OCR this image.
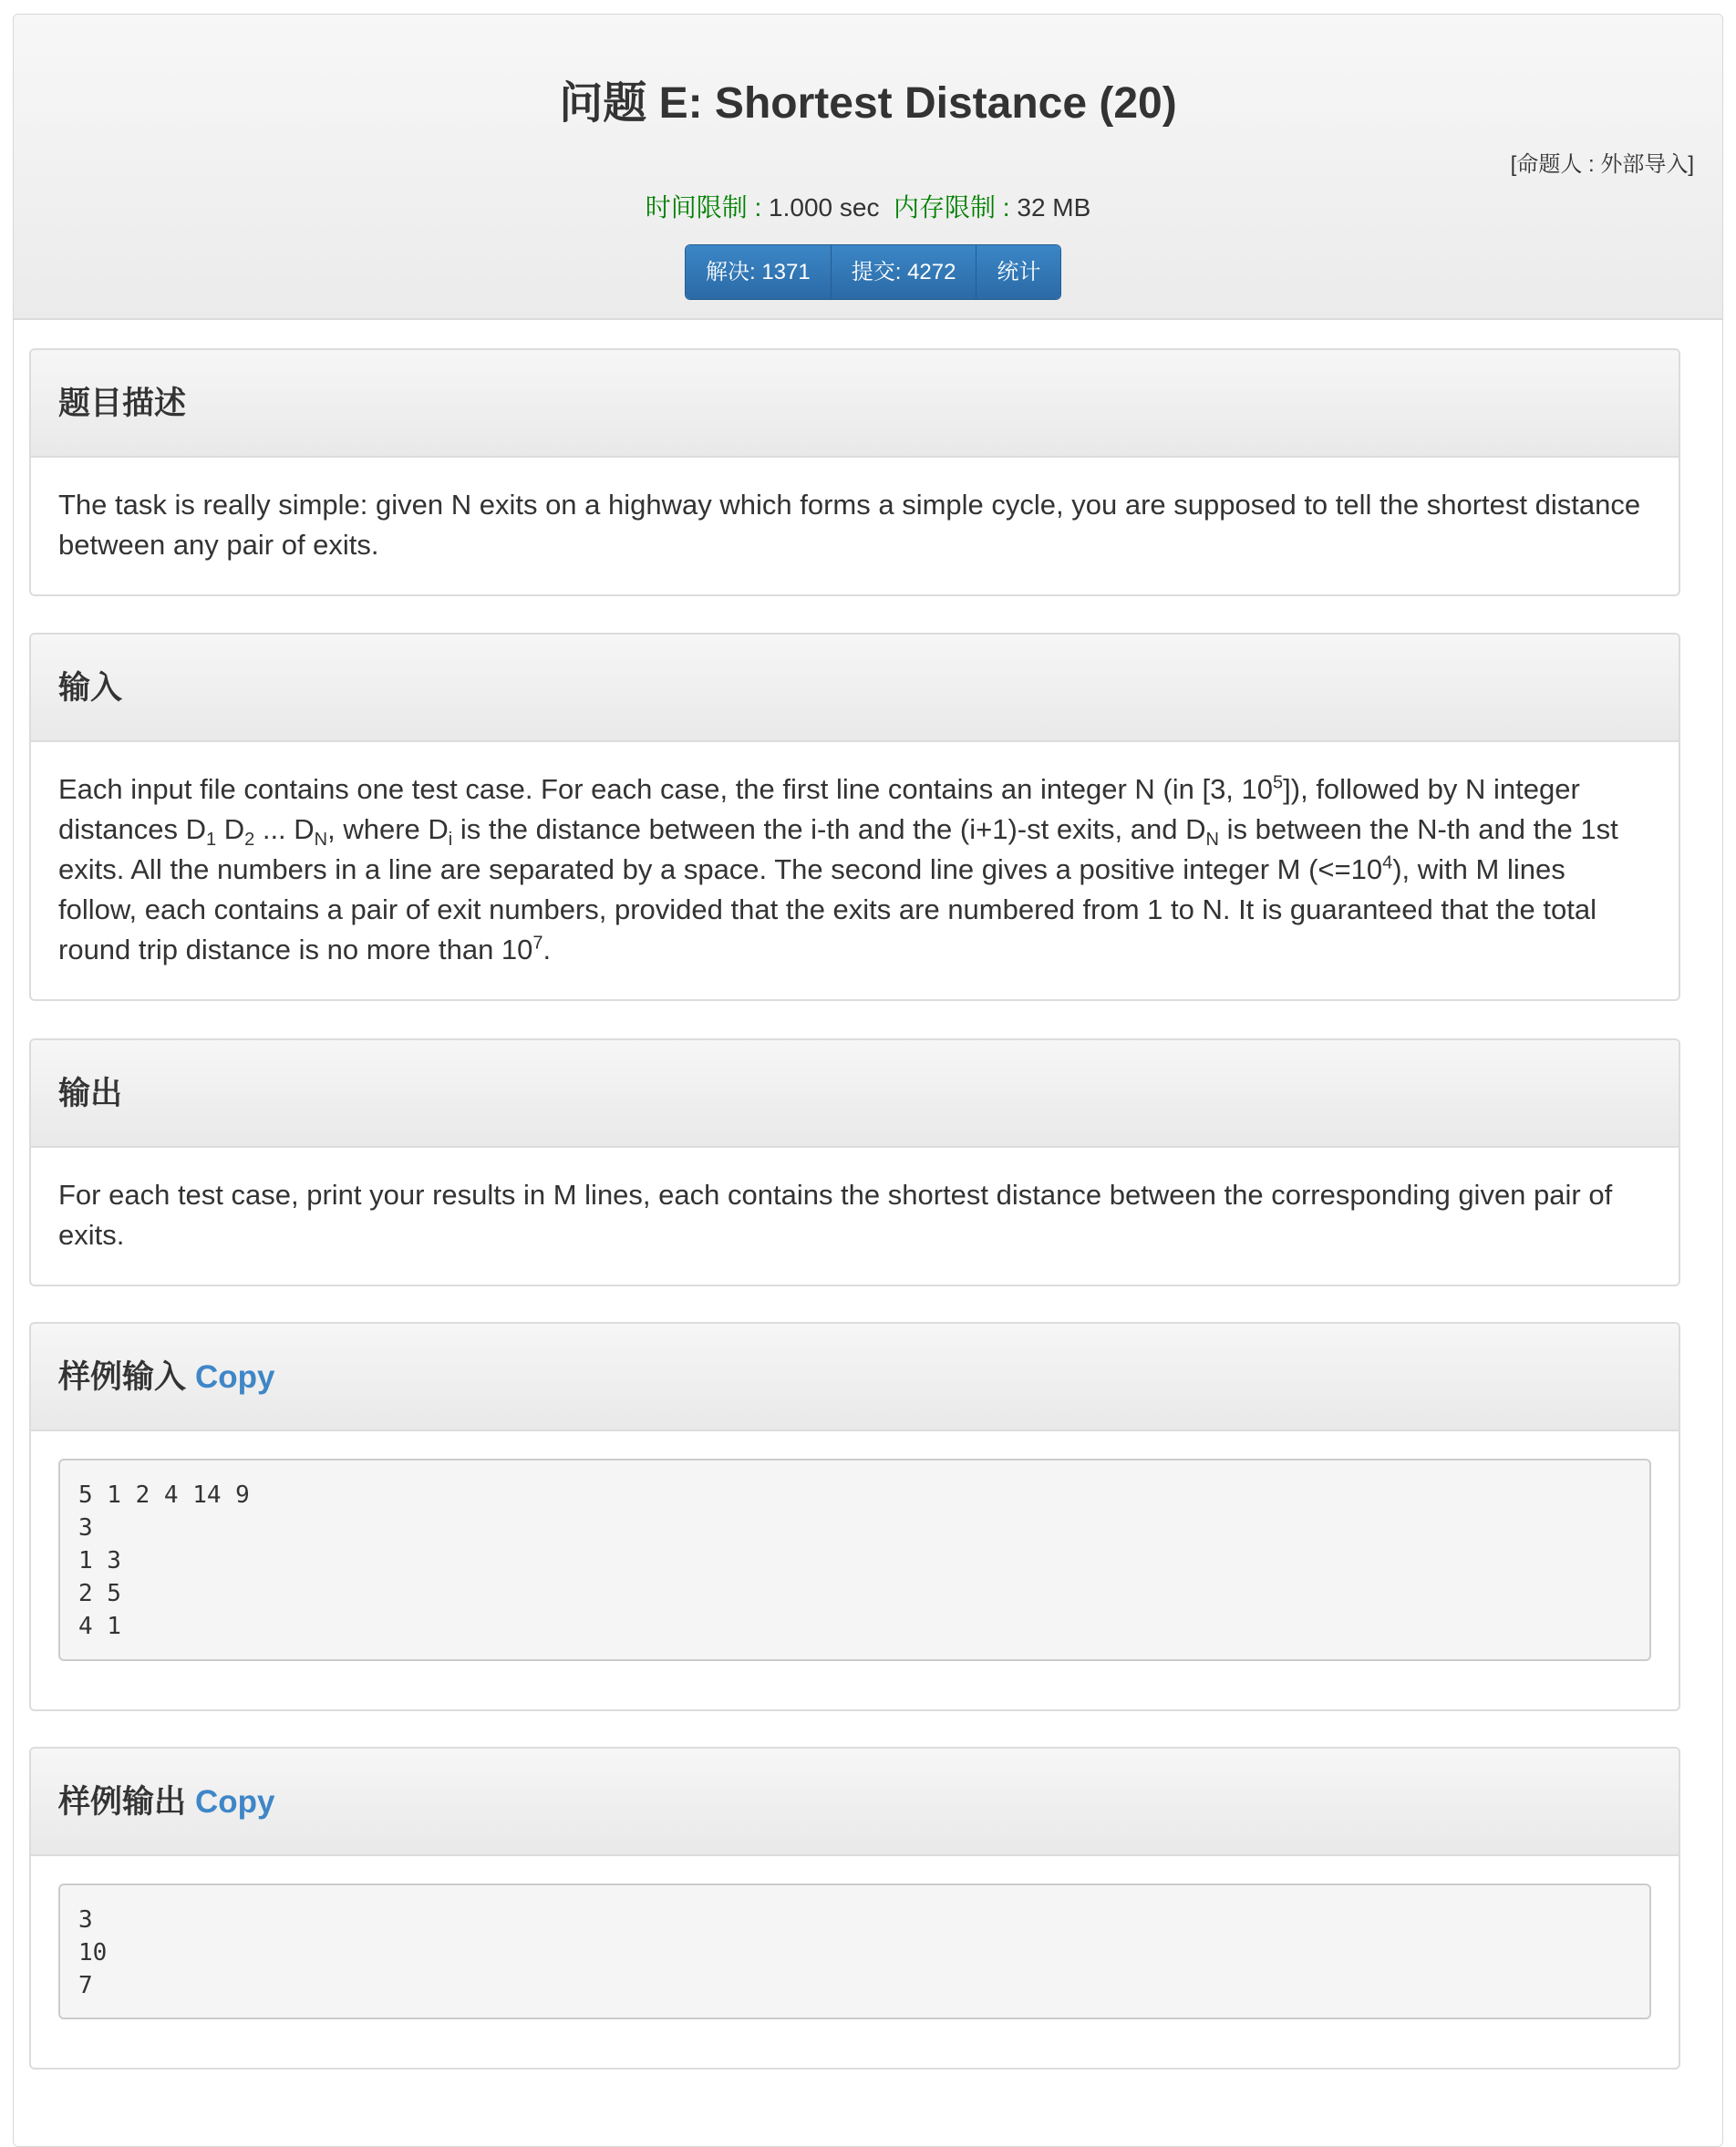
问题 E: Shortest Distance (20)
[命题人 : 外部导入]
时间限制 : 1.000 sec 内存限制 : 32 MB
解决: 1371	提交: 4272	统计
题目描述
The task is really simple: given N exits on a highway which forms a simple cycle, you are supposed to tell the shortest distance between any pair of exits.
输入
Each input file contains one test case. For each case, the first line contains an integer N (in [3, $10^5$]), followed by N integer distances $D_1$ $D_2$ ... $D_N$, where $D_i$ is the distance between the i-th and the (i+1)-st exits, and $D_N$ is between the N-th and the 1st exits. All the numbers in a line are separated by a space. The second line gives a positive integer M $(<=10^4)$, with M lines follow, each contains a pair of exit numbers, provided that the exits are numbered from 1 to N. It is guaranteed that the total round trip distance is no more than $10^7$.
输出
For each test case, print your results in M lines, each contains the shortest distance between the corresponding given pair of exits.
样例输入 Copy
5 1 2 4 14 9
3
1 3
2 5
4 1
样例输出 Copy
3
10
7
